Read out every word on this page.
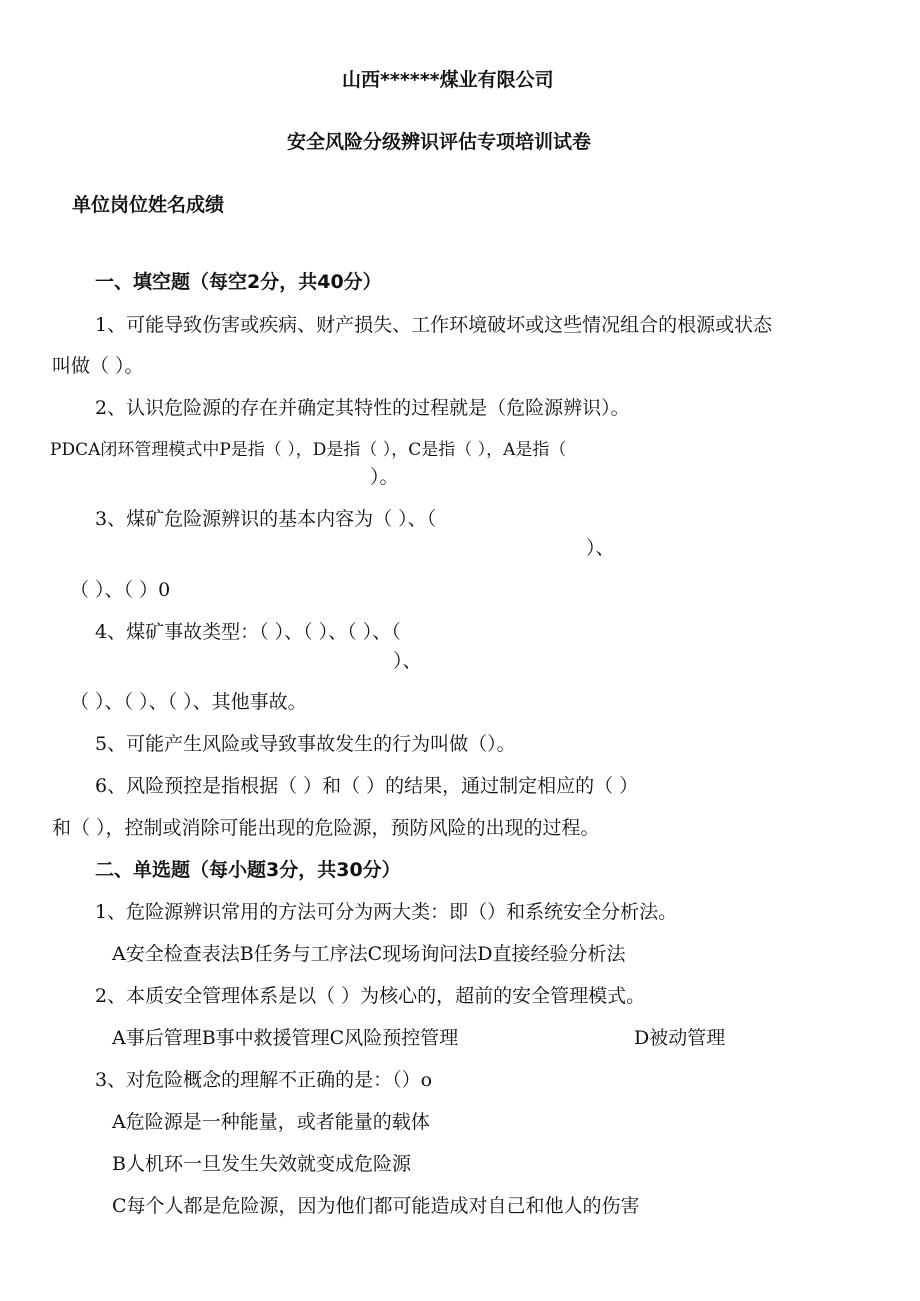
山西******煤业有限公司
安全风险分级辨识评估专项培训试卷
单位岗位姓名成绩
一、填空题（每空2分，共40分）
1、可能导致伤害或疾病、财产损失、工作环境破坏或这些情况组合的根源或状态
叫做（ ）。
2、认识危险源的存在并确定其特性的过程就是（危险源辨识）。
PDCA闭环管理模式中P是指（ ），D是指（ ），C是指（ ），A是指（
）。
3、煤矿危险源辨识的基本内容为（ ）、（
）、
（ ）、（ ）0
4、煤矿事故类型：（ ）、（ ）、（ ）、（
）、
（ ）、（ ）、（ ）、其他事故。
5、可能产生风险或导致事故发生的行为叫做（）。
6、风险预控是指根据（ ）和（ ）的结果，通过制定相应的（ ）
和（ ），控制或消除可能出现的危险源，预防风险的出现的过程。
二、单选题（每小题3分，共30分）
1、危险源辨识常用的方法可分为两大类：即（）和系统安全分析法。
A安全检查表法B任务与工序法C现场询问法D直接经验分析法
2、本质安全管理体系是以（ ）为核心的，超前的安全管理模式。
A事后管理B事中救援管理C风险预控管理	D被动管理
3、对危险概念的理解不正确的是：（）o
A危险源是一种能量，或者能量的载体
B人机环一旦发生失效就变成危险源
C每个人都是危险源，因为他们都可能造成对自己和他人的伤害
